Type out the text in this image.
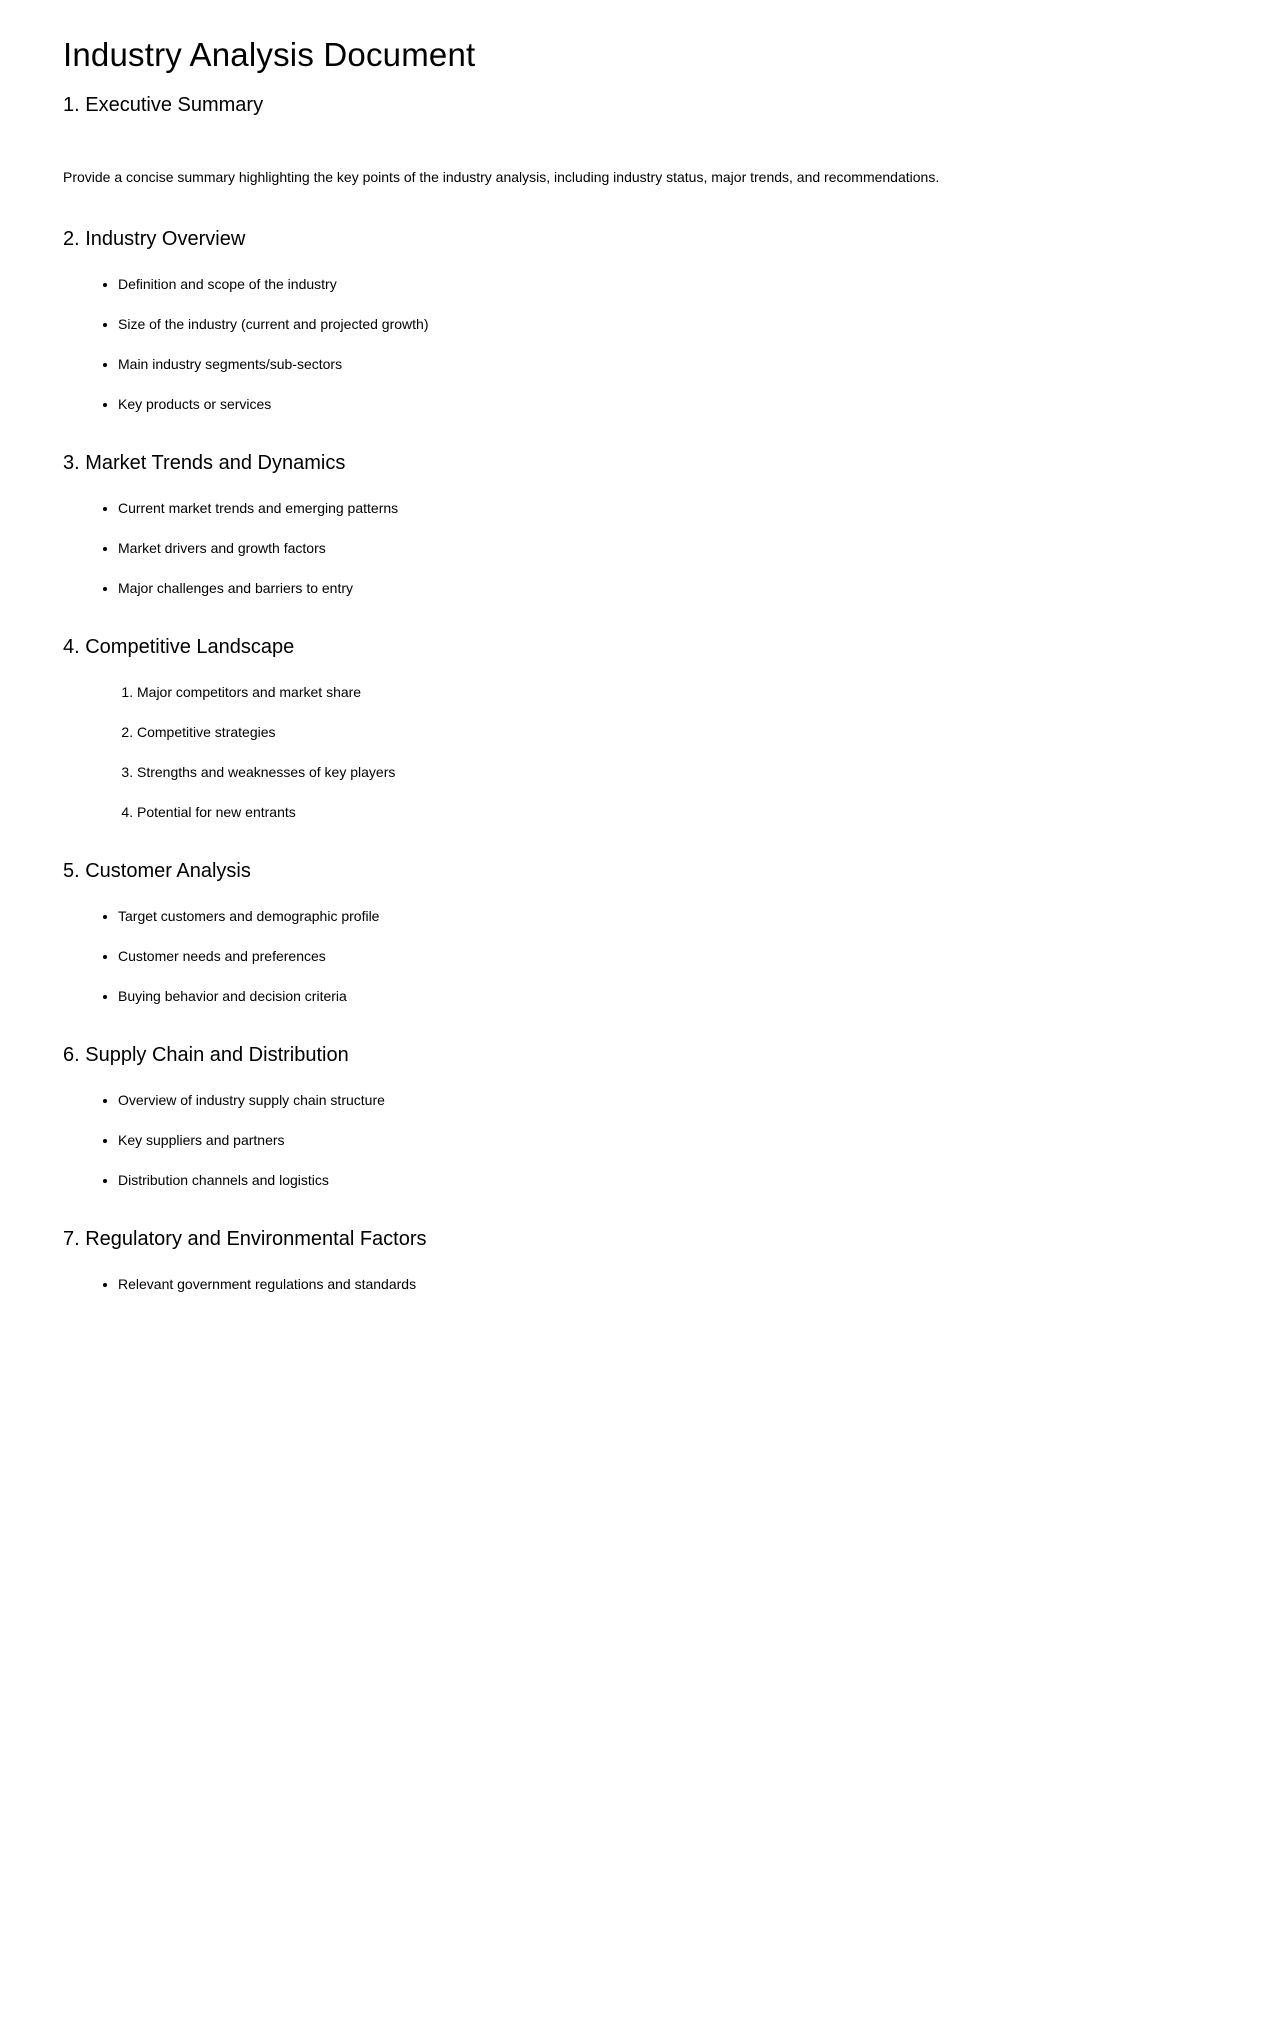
Industry Analysis Document
1. Executive Summary

Provide a concise summary highlighting the key points of the industry analysis, including industry status, major trends, and recommendations.

2. Industry Overview
• Definition and scope of the industry
• Size of the industry (current and projected growth)
• Main industry segments/sub-sectors
• Key products or services
3. Market Trends and Dynamics
• Current market trends and emerging patterns
• Market drivers and growth factors
• Major challenges and barriers to entry
4. Competitive Landscape
1. Major competitors and market share
2. Competitive strategies
3. Strengths and weaknesses of key players
4. Potential for new entrants
5. Customer Analysis
• Target customers and demographic profile
• Customer needs and preferences
• Buying behavior and decision criteria
6. Supply Chain and Distribution
• Overview of industry supply chain structure
• Key suppliers and partners
• Distribution channels and logistics
7. Regulatory and Environmental Factors
• Relevant government regulations and standards
